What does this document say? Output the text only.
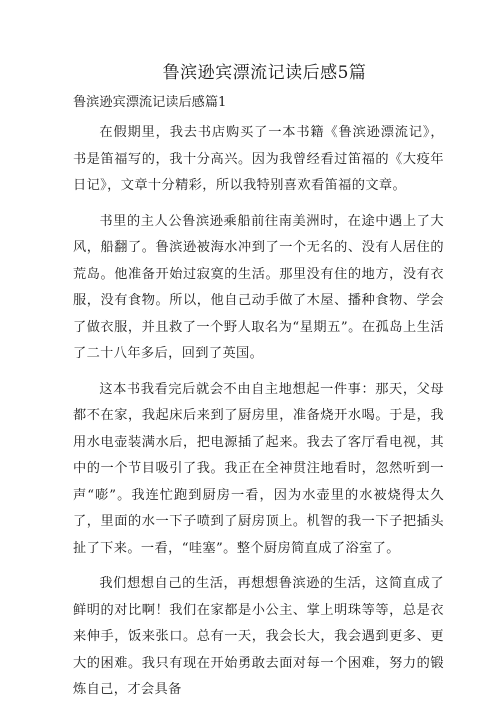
鲁滨逊宾漂流记读后感5篇

鲁滨逊宾漂流记读后感篇1

在假期里，我去书店购买了一本书籍《鲁滨逊漂流记》，书是笛福写的，我十分高兴。因为我曾经看过笛福的《大疫年日记》，文章十分精彩，所以我特别喜欢看笛福的文章。

书里的主人公鲁滨逊乘船前往南美洲时，在途中遇上了大风，船翻了。鲁滨逊被海水冲到了一个无名的、没有人居住的荒岛。他准备开始过寂寞的生活。那里没有住的地方，没有衣服，没有食物。所以，他自己动手做了木屋、播种食物、学会了做衣服，并且救了一个野人取名为“星期五”。在孤岛上生活了二十八年多后，回到了英国。

这本书我看完后就会不由自主地想起一件事：那天，父母都不在家，我起床后来到了厨房里，准备烧开水喝。于是，我用水电壶装满水后，把电源插了起来。我去了客厅看电视，其中的一个节目吸引了我。我正在全神贯注地看时，忽然听到一声“嘭”。我连忙跑到厨房一看，因为水壶里的水被烧得太久了，里面的水一下子喷到了厨房顶上。机智的我一下子把插头扯了下来。一看，“哇塞”。整个厨房简直成了浴室了。

我们想想自己的生活，再想想鲁滨逊的生活，这简直成了鲜明的对比啊！我们在家都是小公主、掌上明珠等等，总是衣来伸手，饭来张口。总有一天，我会长大，我会遇到更多、更大的困难。我只有现在开始勇敢去面对每一个困难，努力的锻炼自己，才会具备
